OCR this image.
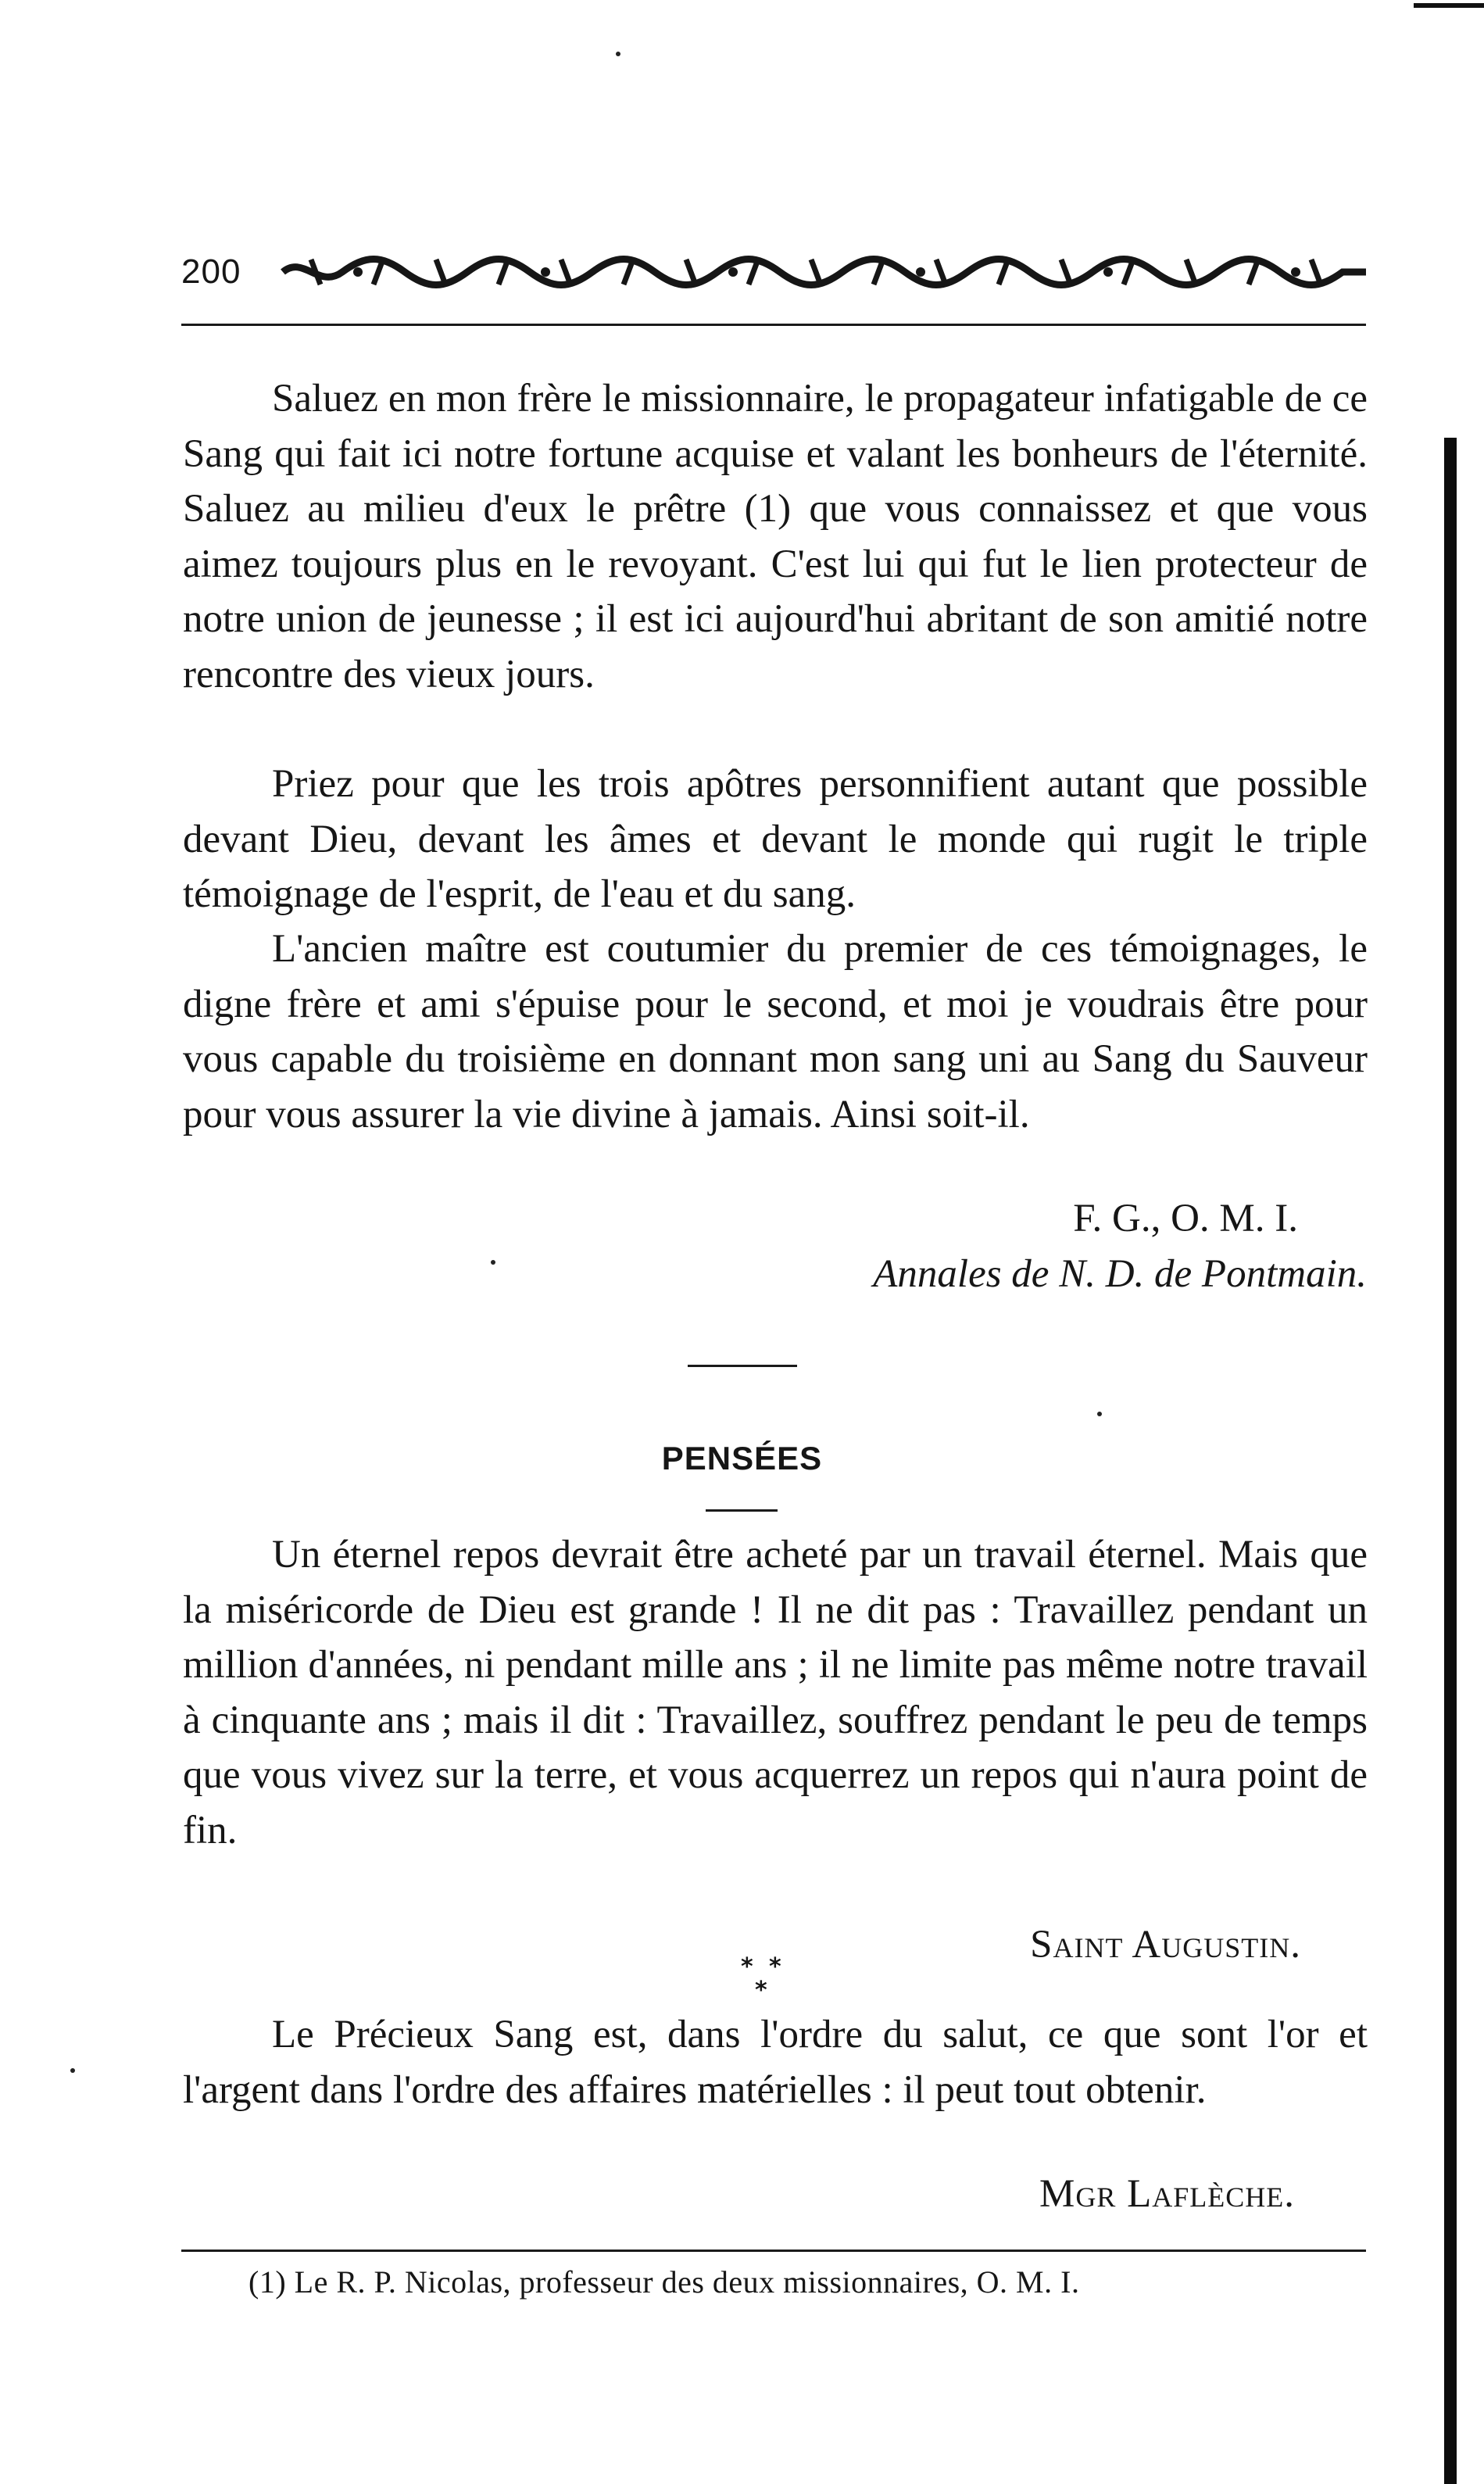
200

Saluez en mon frère le missionnaire, le propagateur infatigable de ce Sang qui fait ici notre fortune acquise et valant les bonheurs de l'éternité. Saluez au milieu d'eux le prêtre (1) que vous connaissez et que vous aimez toujours plus en le revoyant. C'est lui qui fut le lien protecteur de notre union de jeunesse ; il est ici aujourd'hui abritant de son amitié notre rencontre des vieux jours.

Priez pour que les trois apôtres personnifient autant que possible devant Dieu, devant les âmes et devant le monde qui rugit le triple témoignage de l'esprit, de l'eau et du sang.

L'ancien maître est coutumier du premier de ces témoignages, le digne frère et ami s'épuise pour le second, et moi je voudrais être pour vous capable du troisième en donnant mon sang uni au Sang du Sauveur pour vous assurer la vie divine à jamais. Ainsi soit-il.

F. G., O. M. I.
Annales de N. D. de Pontmain.
PENSÉES

Un éternel repos devrait être acheté par un travail éternel. Mais que la miséricorde de Dieu est grande ! Il ne dit pas : Travaillez pendant un million d'années, ni pendant mille ans ; il ne limite pas même notre travail à cinquante ans ; mais il dit : Travaillez, souffrez pendant le peu de temps que vous vivez sur la terre, et vous acquerrez un repos qui n'aura point de fin.

Saint Augustin.
* *
*

Le Précieux Sang est, dans l'ordre du salut, ce que sont l'or et l'argent dans l'ordre des affaires matérielles : il peut tout obtenir.

Mgr Laflèche.
(1) Le R. P. Nicolas, professeur des deux missionnaires, O. M. I.
